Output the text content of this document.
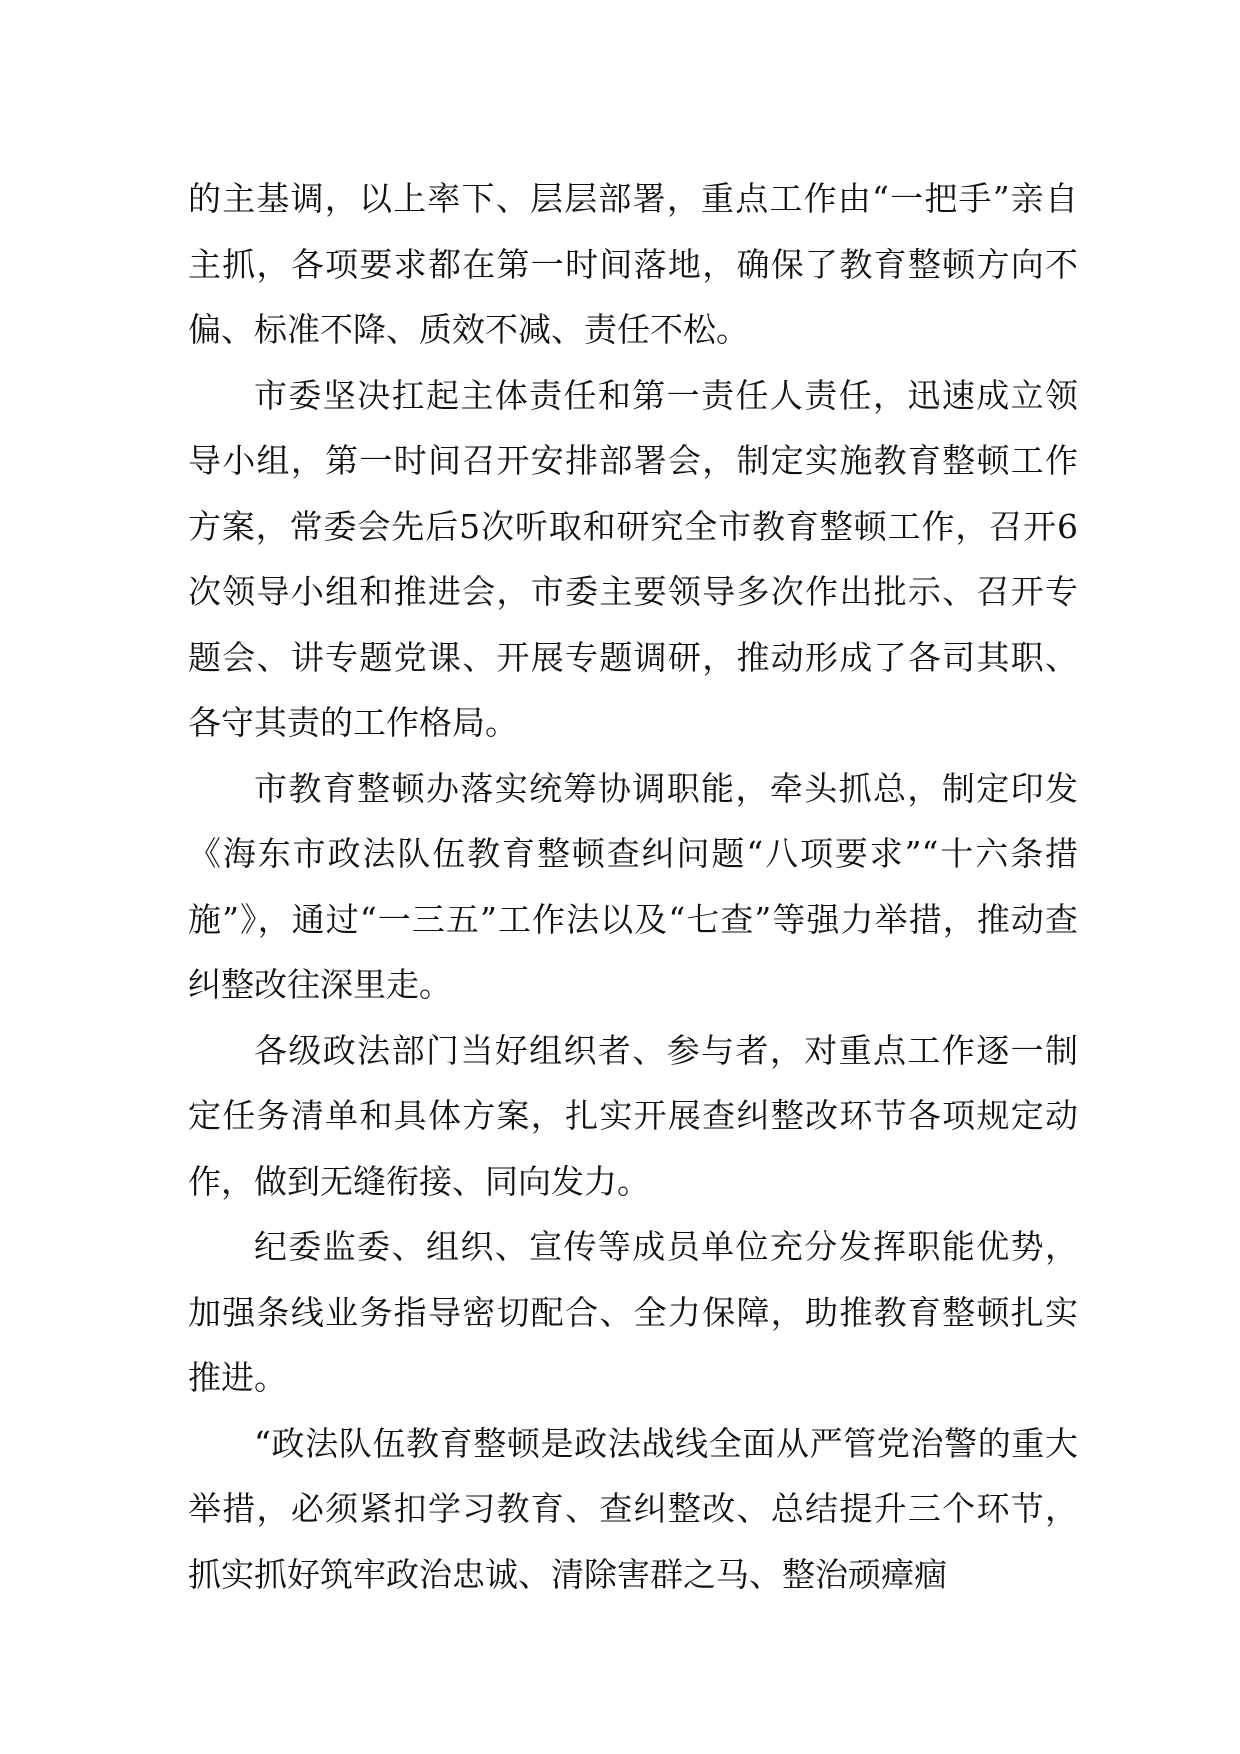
的主基调，以上率下、层层部署，重点工作由“一把手”亲自主抓，各项要求都在第一时间落地，确保了教育整顿方向不偏、标准不降、质效不减、责任不松。

市委坚决扛起主体责任和第一责任人责任，迅速成立领导小组，第一时间召开安排部署会，制定实施教育整顿工作方案，常委会先后5次听取和研究全市教育整顿工作，召开6次领导小组和推进会，市委主要领导多次作出批示、召开专题会、讲专题党课、开展专题调研，推动形成了各司其职、各守其责的工作格局。

市教育整顿办落实统筹协调职能，牵头抓总，制定印发《海东市政法队伍教育整顿查纠问题“八项要求”“十六条措施”》，通过“一三五”工作法以及“七查”等强力举措，推动查纠整改往深里走。

各级政法部门当好组织者、参与者，对重点工作逐一制定任务清单和具体方案，扎实开展查纠整改环节各项规定动作，做到无缝衔接、同向发力。

纪委监委、组织、宣传等成员单位充分发挥职能优势，加强条线业务指导密切配合、全力保障，助推教育整顿扎实推进。

“政法队伍教育整顿是政法战线全面从严管党治警的重大举措，必须紧扣学习教育、查纠整改、总结提升三个环节，抓实抓好筑牢政治忠诚、清除害群之马、整治顽瘴痼
